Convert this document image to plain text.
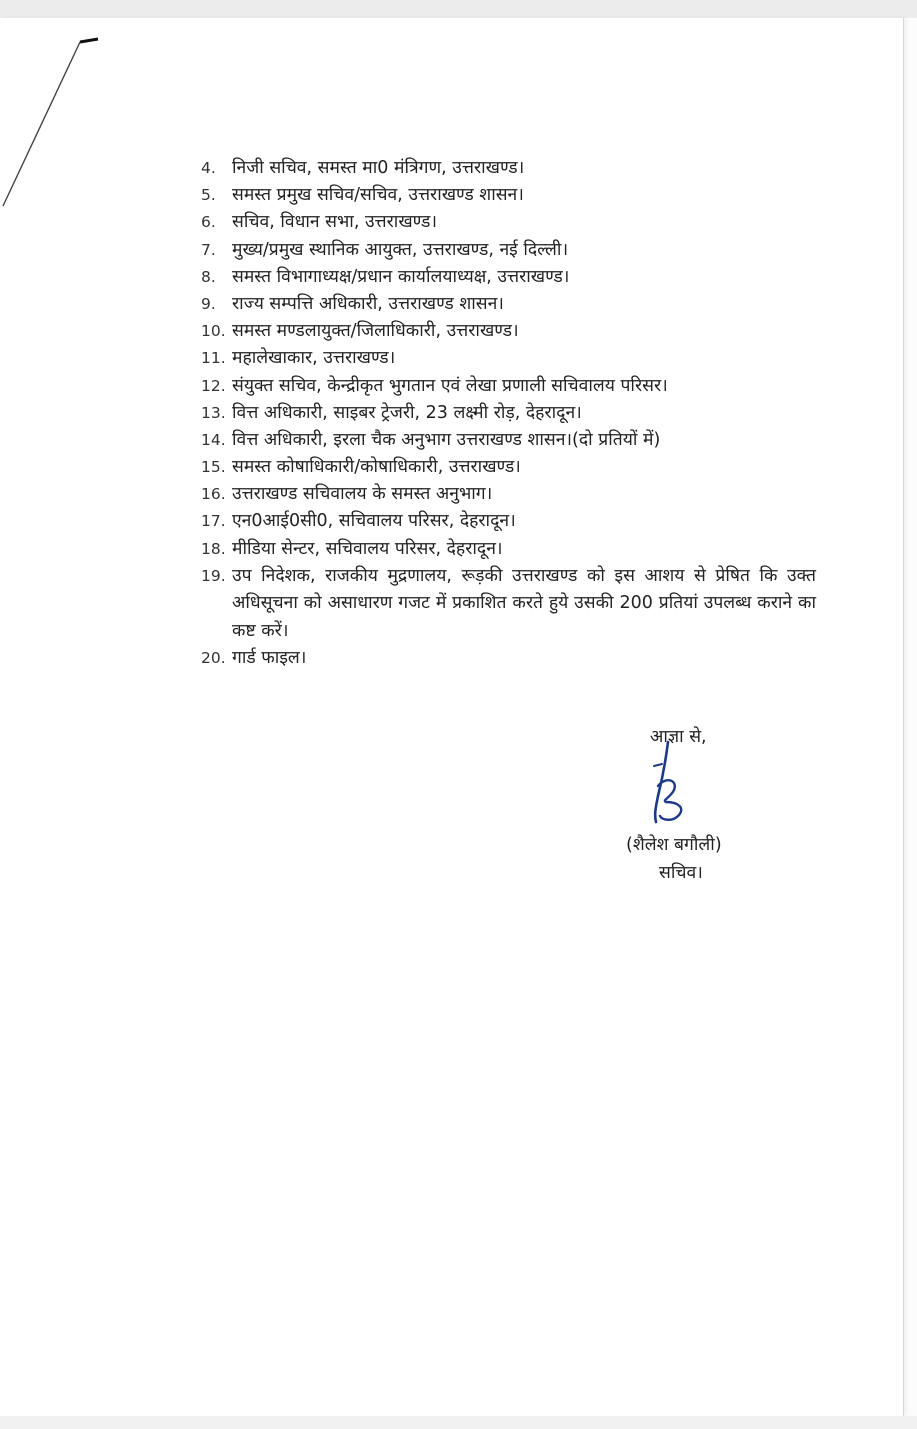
4. निजी सचिव, समस्त मा0 मंत्रिगण, उत्तराखण्ड।
5. समस्त प्रमुख सचिव/सचिव, उत्तराखण्ड शासन।
6. सचिव, विधान सभा, उत्तराखण्ड।
7. मुख्य/प्रमुख स्थानिक आयुक्त, उत्तराखण्ड, नई दिल्ली।
8. समस्त विभागाध्यक्ष/प्रधान कार्यालयाध्यक्ष, उत्तराखण्ड।
9. राज्य सम्पत्ति अधिकारी, उत्तराखण्ड शासन।
10. समस्त मण्डलायुक्त/जिलाधिकारी, उत्तराखण्ड।
11. महालेखाकार, उत्तराखण्ड।
12. संयुक्त सचिव, केन्द्रीकृत भुगतान एवं लेखा प्रणाली सचिवालय परिसर।
13. वित्त अधिकारी, साइबर ट्रेजरी, 23 लक्ष्मी रोड़, देहरादून।
14. वित्त अधिकारी, इरला चैक अनुभाग उत्तराखण्ड शासन।(दो प्रतियों में)
15. समस्त कोषाधिकारी/कोषाधिकारी, उत्तराखण्ड।
16. उत्तराखण्ड सचिवालय के समस्त अनुभाग।
17. एन0आई0सी0, सचिवालय परिसर, देहरादून।
18. मीडिया सेन्टर, सचिवालय परिसर, देहरादून।
19. उप निदेशक, राजकीय मुद्रणालय, रूड़की उत्तराखण्ड को इस आशय से प्रेषित कि उक्त अधिसूचना को असाधारण गजट में प्रकाशित करते हुये उसकी 200 प्रतियां उपलब्ध कराने का कष्ट करें।
20. गार्ड फाइल।
आज्ञा से,
(शैलेश बगौली)
सचिव।
